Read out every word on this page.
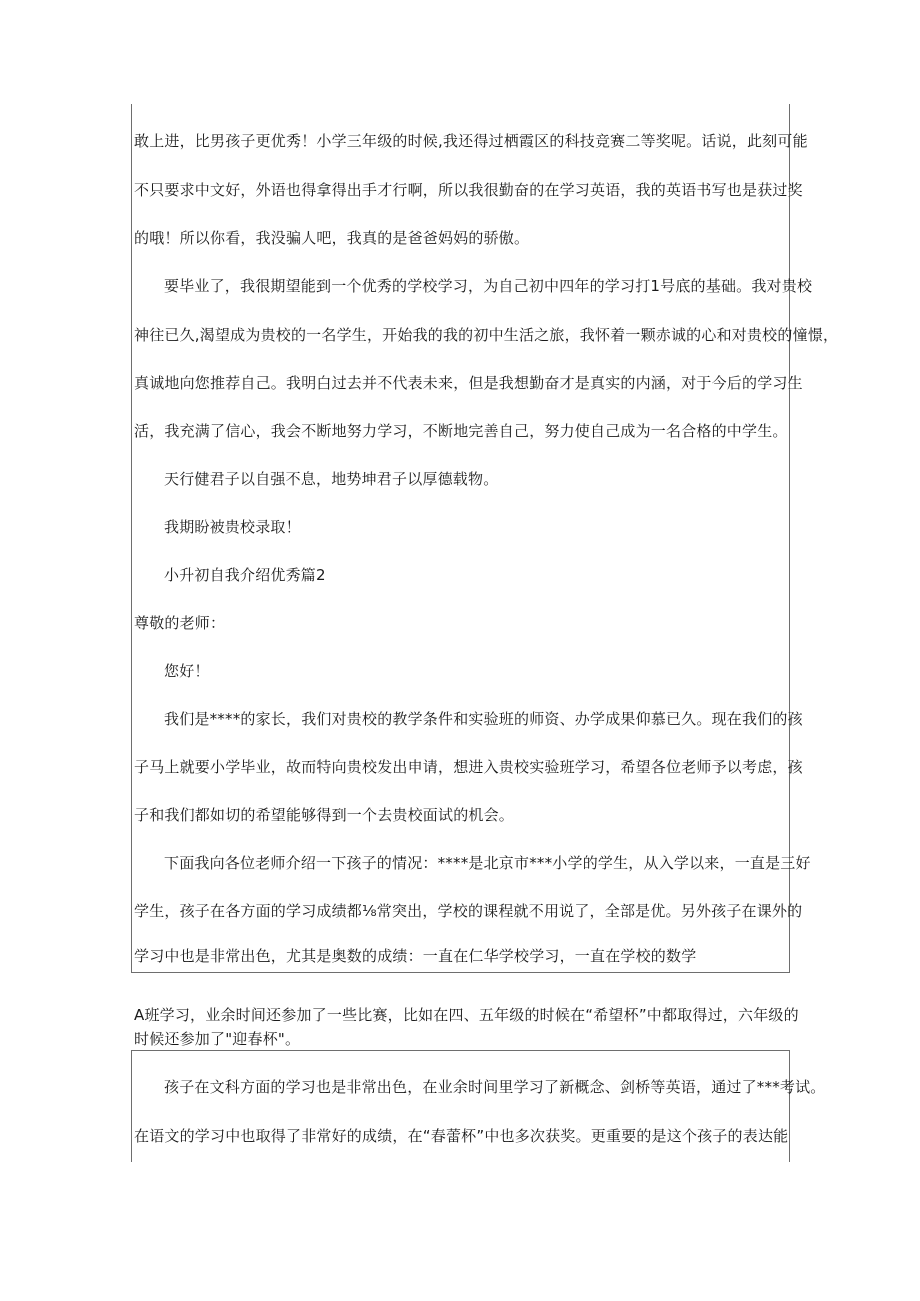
敢上进，比男孩子更优秀！小学三年级的时候,我还得过栖霞区的科技竞赛二等奖呢。话说，此刻可能
不只要求中文好，外语也得拿得出手才行啊，所以我很勤奋的在学习英语，我的英语书写也是获过奖
的哦！所以你看，我没骗人吧，我真的是爸爸妈妈的骄傲。
要毕业了，我很期望能到一个优秀的学校学习，为自己初中四年的学习打1号底的基础。我对贵校
神往已久,渴望成为贵校的一名学生，开始我的我的初中生活之旅，我怀着一颗赤诚的心和对贵校的憧憬，
真诚地向您推荐自己。我明白过去并不代表未来，但是我想勤奋才是真实的内涵，对于今后的学习生
活，我充满了信心，我会不断地努力学习，不断地完善自己，努力使自己成为一名合格的中学生。
天行健君子以自强不息，地势坤君子以厚德载物。
我期盼被贵校录取！
小升初自我介绍优秀篇2
尊敬的老师：
您好！
我们是****的家长，我们对贵校的教学条件和实验班的师资、办学成果仰慕已久。现在我们的孩
子马上就要小学毕业，故而特向贵校发出申请，想进入贵校实验班学习，希望各位老师予以考虑，孩
子和我们都如切的希望能够得到一个去贵校面试的机会。
下面我向各位老师介绍一下孩子的情况：****是北京市***小学的学生，从入学以来，一直是三好
学生，孩子在各方面的学习成绩都⅛常突出，学校的课程就不用说了，全部是优。另外孩子在课外的
学习中也是非常出色，尤其是奥数的成绩：一直在仁华学校学习，一直在学校的数学
A班学习，业余时间还参加了一些比赛，比如在四、五年级的时候在“希望杯”中都取得过，六年级的
时候还参加了"迎春杯"。
孩子在文科方面的学习也是非常出色，在业余时间里学习了新概念、剑桥等英语，通过了***考试。
在语文的学习中也取得了非常好的成绩，在“春蕾杯”中也多次获奖。更重要的是这个孩子的表达能
